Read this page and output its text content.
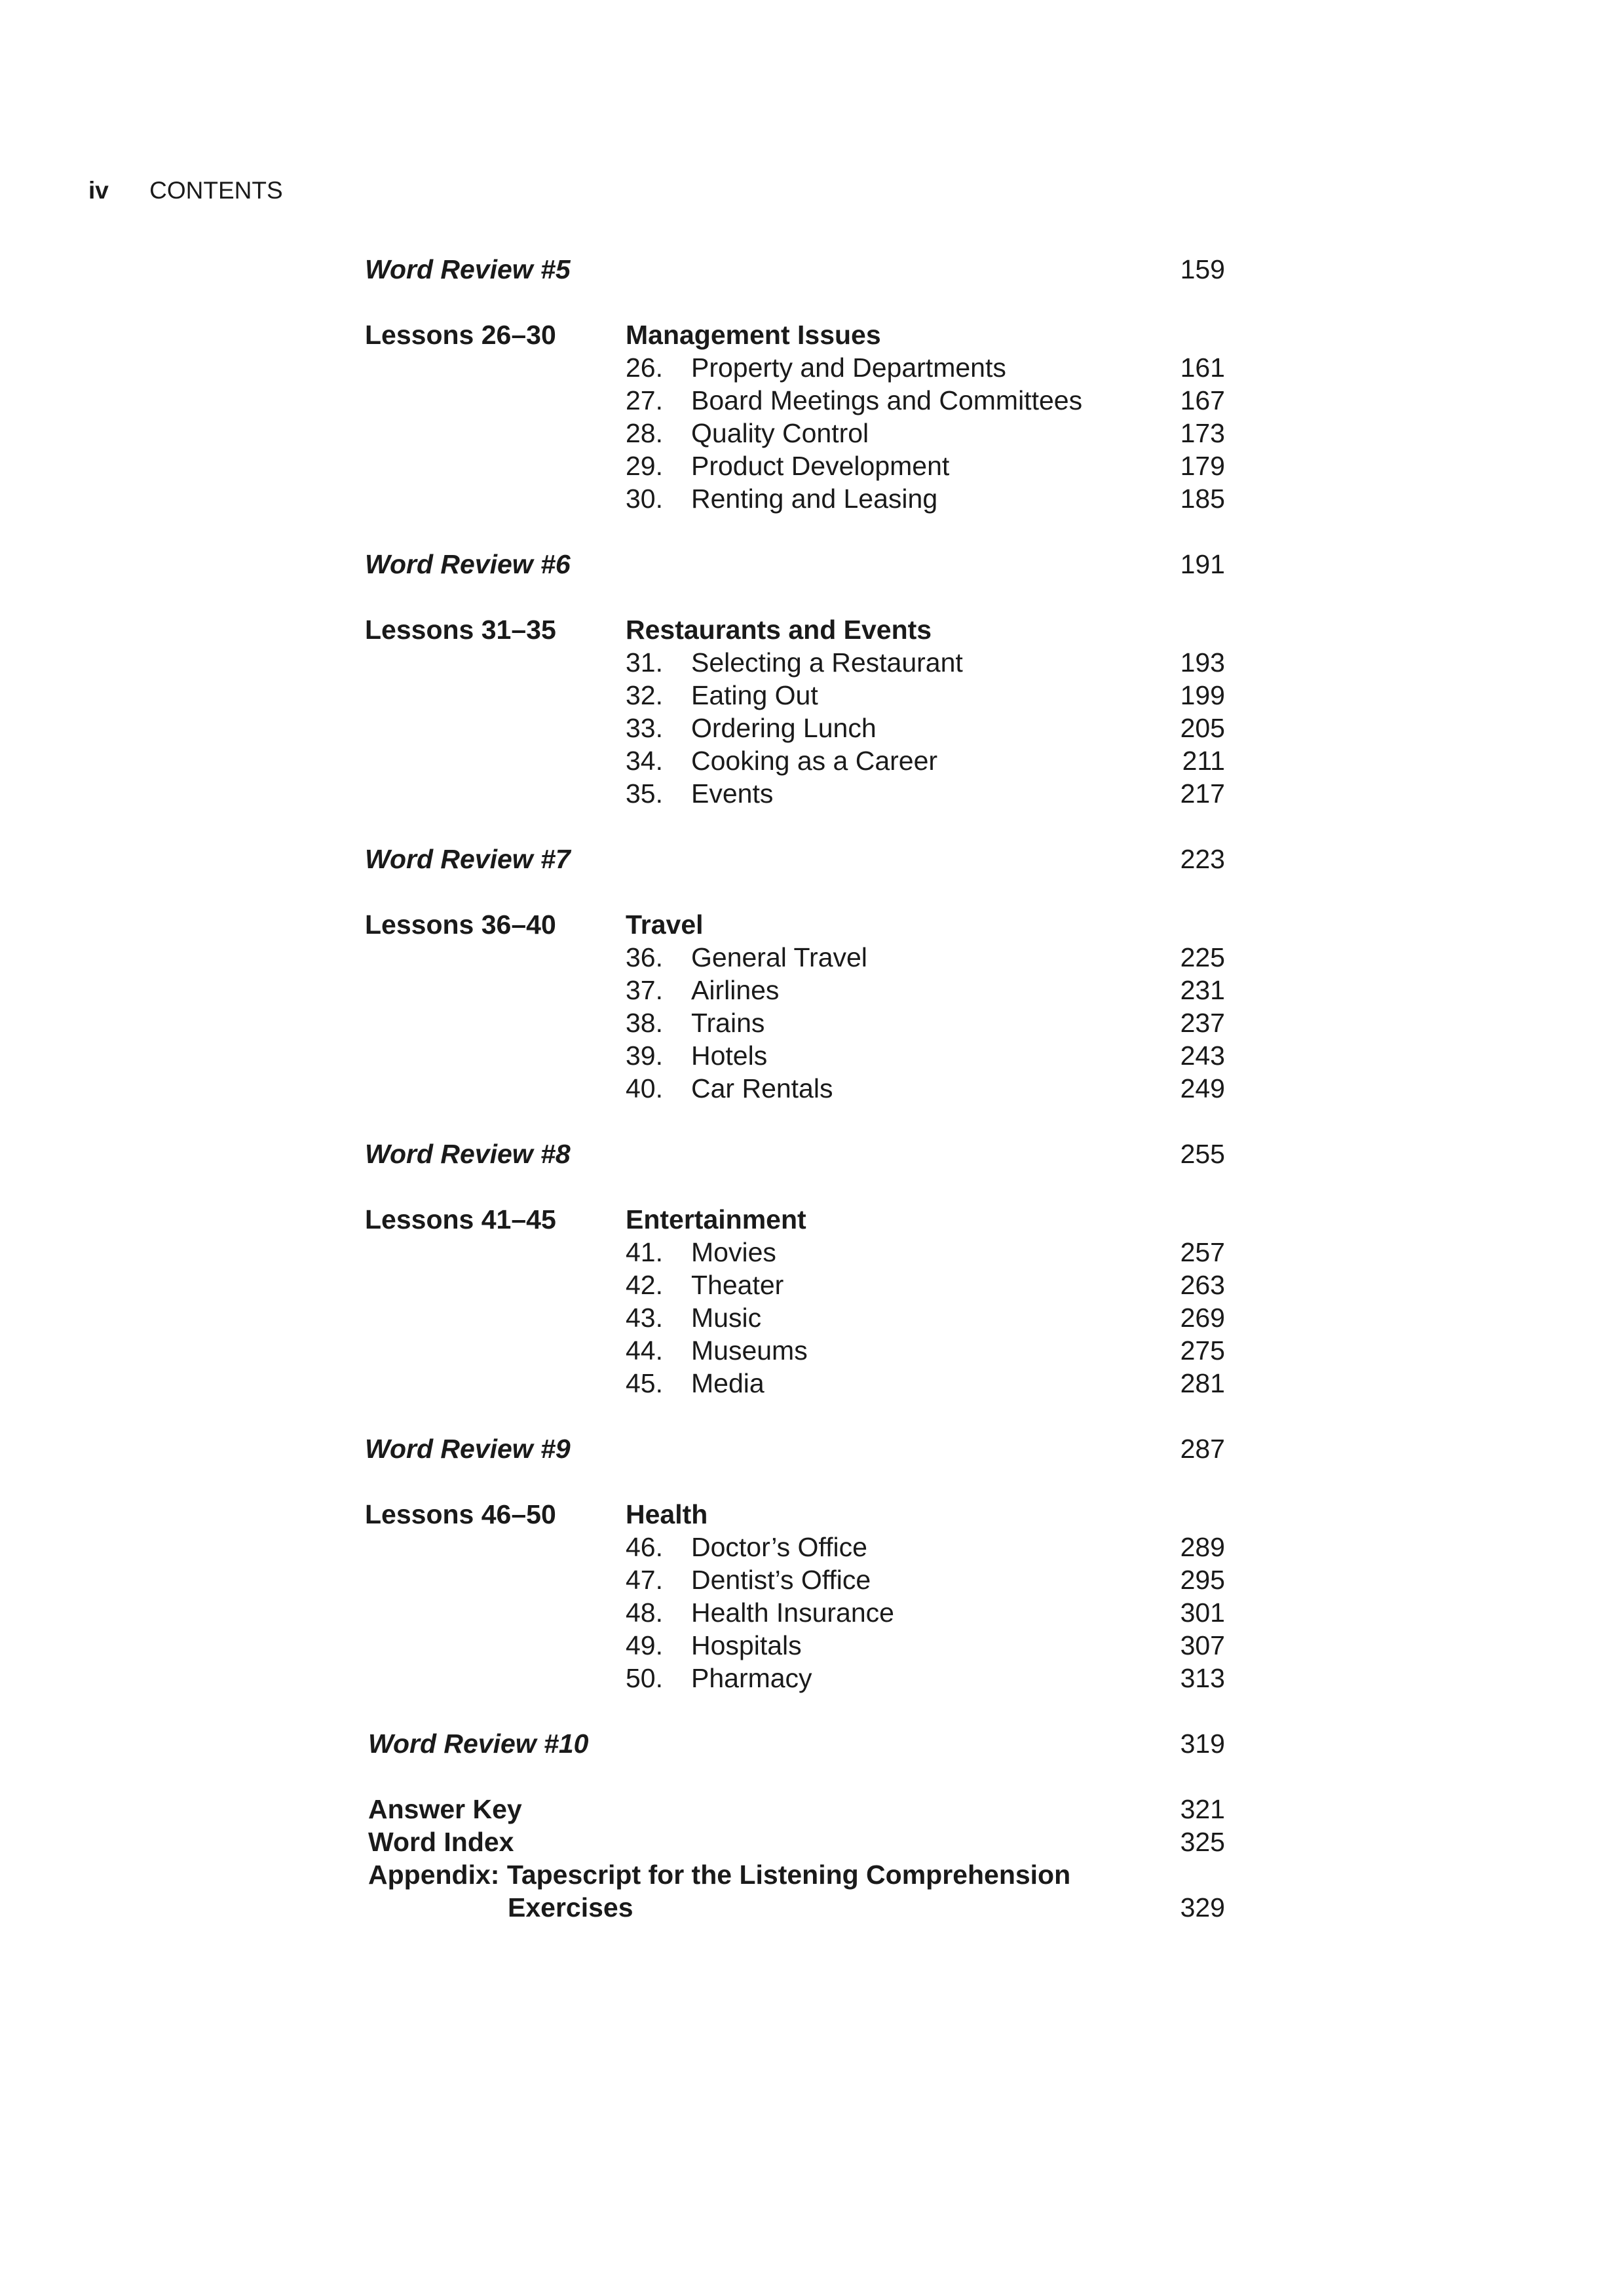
iv CONTENTS
Word Review #5	159
Lessons 26–30	Management Issues
26. Property and Departments	161
27. Board Meetings and Committees	167
28. Quality Control	173
29. Product Development	179
30. Renting and Leasing	185
Word Review #6	191
Lessons 31–35	Restaurants and Events
31. Selecting a Restaurant	193
32. Eating Out	199
33. Ordering Lunch	205
34. Cooking as a Career	211
35. Events	217
Word Review #7	223
Lessons 36–40	Travel
36. General Travel	225
37. Airlines	231
38. Trains	237
39. Hotels	243
40. Car Rentals	249
Word Review #8	255
Lessons 41–45	Entertainment
41. Movies	257
42. Theater	263
43. Music	269
44. Museums	275
45. Media	281
Word Review #9	287
Lessons 46–50	Health
46. Doctor’s Office	289
47. Dentist’s Office	295
48. Health Insurance	301
49. Hospitals	307
50. Pharmacy	313
Word Review #10	319
Answer Key	321
Word Index	325
Appendix: Tapescript for the Listening Comprehension
Exercises	329
